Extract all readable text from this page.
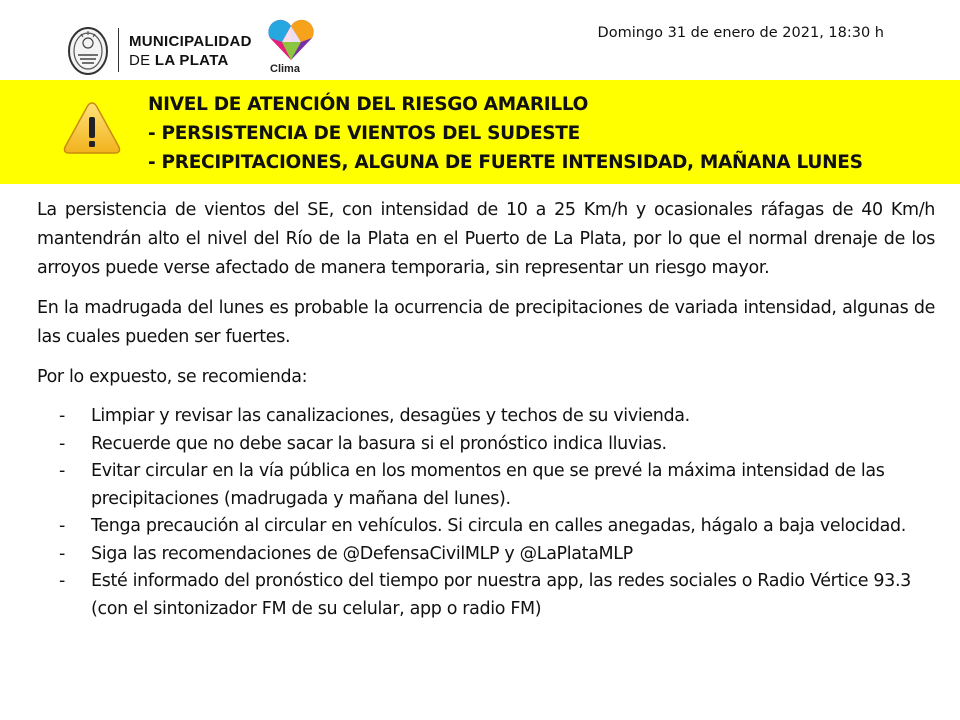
MUNICIPALIDAD
DE LA PLATA	Clima
Domingo 31 de enero de 2021, 18:30 h
NIVEL DE ATENCIÓN DEL RIESGO AMARILLO
- PERSISTENCIA DE VIENTOS DEL SUDESTE
- PRECIPITACIONES, ALGUNA DE FUERTE INTENSIDAD, MAÑANA LUNES

La persistencia de vientos del SE, con intensidad de 10 a 25 Km/h y ocasionales ráfagas de 40 Km/h mantendrán alto el nivel del Río de la Plata en el Puerto de La Plata, por lo que el normal drenaje de los arroyos puede verse afectado de manera temporaria, sin representar un riesgo mayor.

En la madrugada del lunes es probable la ocurrencia de precipitaciones de variada intensidad, algunas de las cuales pueden ser fuertes.

Por lo expuesto, se recomienda:

- Limpiar y revisar las canalizaciones, desagües y techos de su vivienda.
- Recuerde que no debe sacar la basura si el pronóstico indica lluvias.
- Evitar circular en la vía pública en los momentos en que se prevé la máxima intensidad de las precipitaciones (madrugada y mañana del lunes).
- Tenga precaución al circular en vehículos. Si circula en calles anegadas, hágalo a baja velocidad.
- Siga las recomendaciones de @DefensaCivilMLP y @LaPlataMLP
- Esté informado del pronóstico del tiempo por nuestra app, las redes sociales o Radio Vértice 93.3 (con el sintonizador FM de su celular, app o radio FM)
